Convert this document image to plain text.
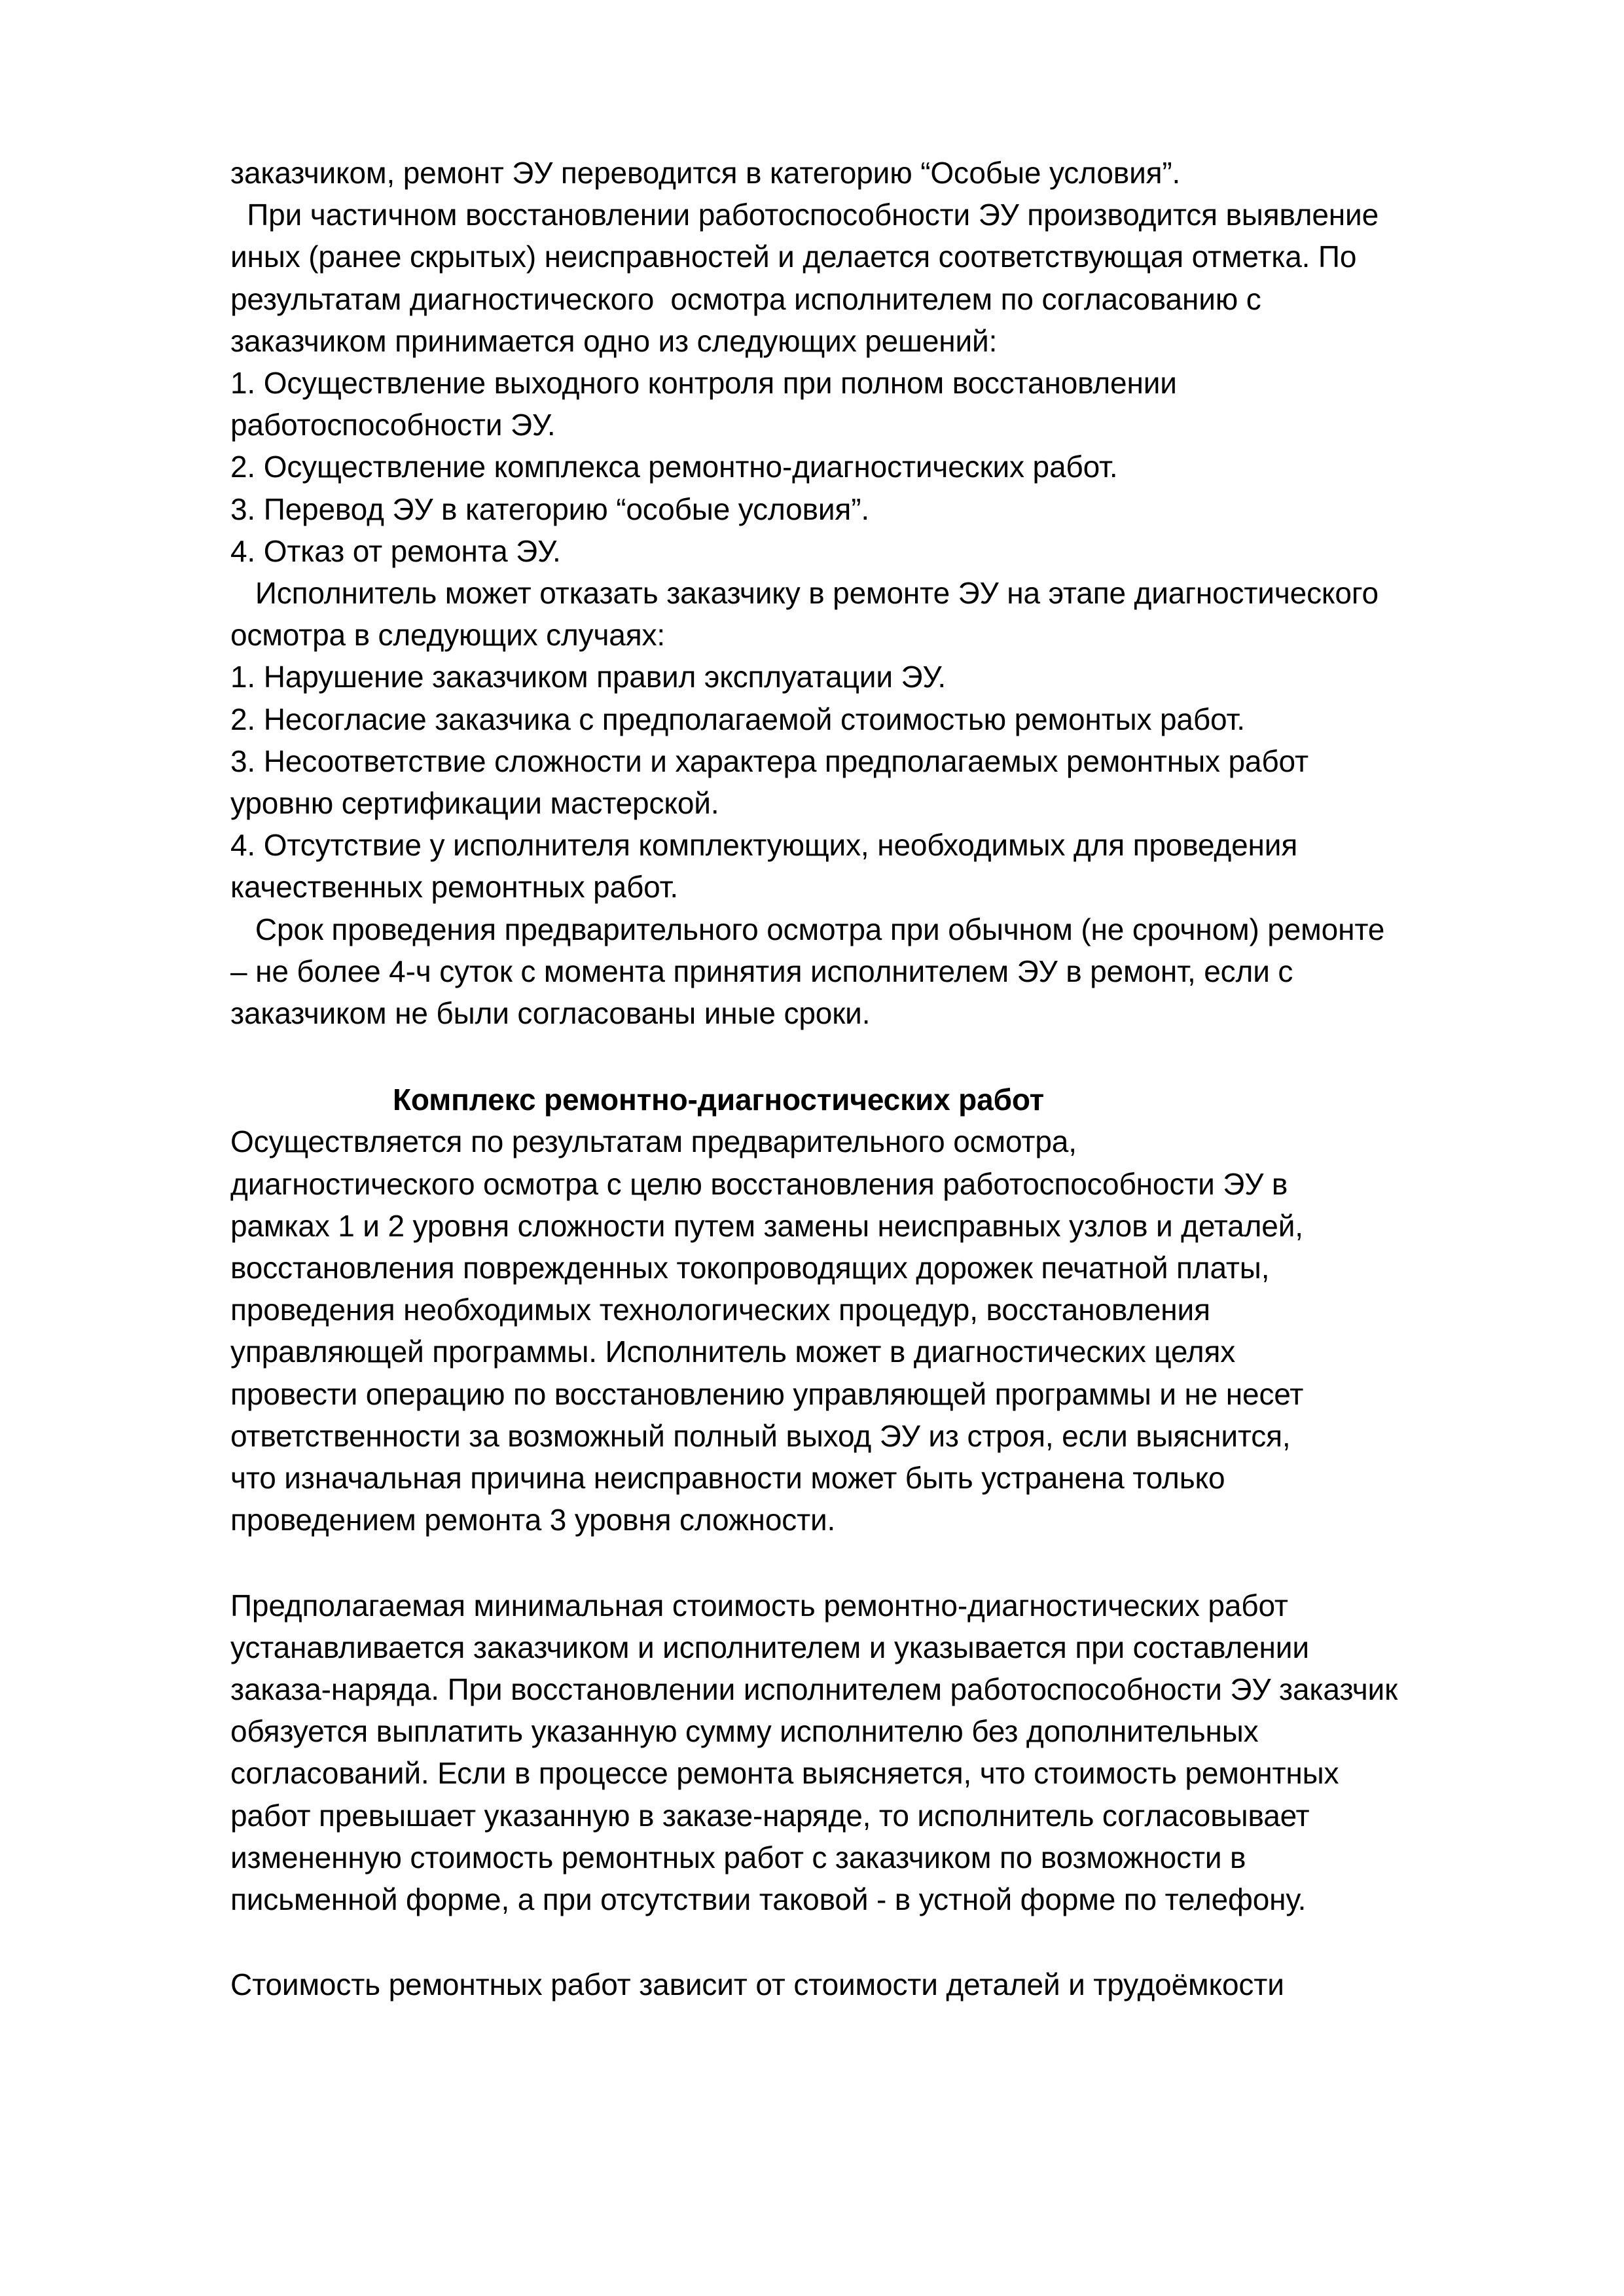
заказчиком, ремонт ЭУ переводится в категорию “Особые условия”.
При частичном восстановлении работоспособности ЭУ производится выявление
иных (ранее скрытых) неисправностей и делается соответствующая отметка. По
результатам диагностического  осмотра исполнителем по согласованию с
заказчиком принимается одно из следующих решений:
1. Осуществление выходного контроля при полном восстановлении
работоспособности ЭУ.
2. Осуществление комплекса ремонтно-диагностических работ.
3. Перевод ЭУ в категорию “особые условия”.
4. Отказ от ремонта ЭУ.
Исполнитель может отказать заказчику в ремонте ЭУ на этапе диагностического
осмотра в следующих случаях:
1. Нарушение заказчиком правил эксплуатации ЭУ.
2. Несогласие заказчика с предполагаемой стоимостью ремонтых работ.
3. Несоответствие сложности и характера предполагаемых ремонтных работ
уровню сертификации мастерской.
4. Отсутствие у исполнителя комплектующих, необходимых для проведения
качественных ремонтных работ.
Срок проведения предварительного осмотра при обычном (не срочном) ремонте
– не более 4-ч суток с момента принятия исполнителем ЭУ в ремонт, если с
заказчиком не были согласованы иные сроки.
Комплекс ремонтно-диагностических работ
Осуществляется по результатам предварительного осмотра,
диагностического осмотра с целю восстановления работоспособности ЭУ в
рамках 1 и 2 уровня сложности путем замены неисправных узлов и деталей,
восстановления поврежденных токопроводящих дорожек печатной платы,
проведения необходимых технологических процедур, восстановления
управляющей программы. Исполнитель может в диагностических целях
провести операцию по восстановлению управляющей программы и не несет
ответственности за возможный полный выход ЭУ из строя, если выяснится,
что изначальная причина неисправности может быть устранена только
проведением ремонта 3 уровня сложности.
Предполагаемая минимальная стоимость ремонтно-диагностических работ
устанавливается заказчиком и исполнителем и указывается при составлении
заказа-наряда. При восстановлении исполнителем работоспособности ЭУ заказчик
обязуется выплатить указанную сумму исполнителю без дополнительных
согласований. Если в процессе ремонта выясняется, что стоимость ремонтных
работ превышает указанную в заказе-наряде, то исполнитель согласовывает
измененную стоимость ремонтных работ с заказчиком по возможности в
письменной форме, а при отсутствии таковой - в устной форме по телефону.
Стоимость ремонтных работ зависит от стоимости деталей и трудоёмкости
